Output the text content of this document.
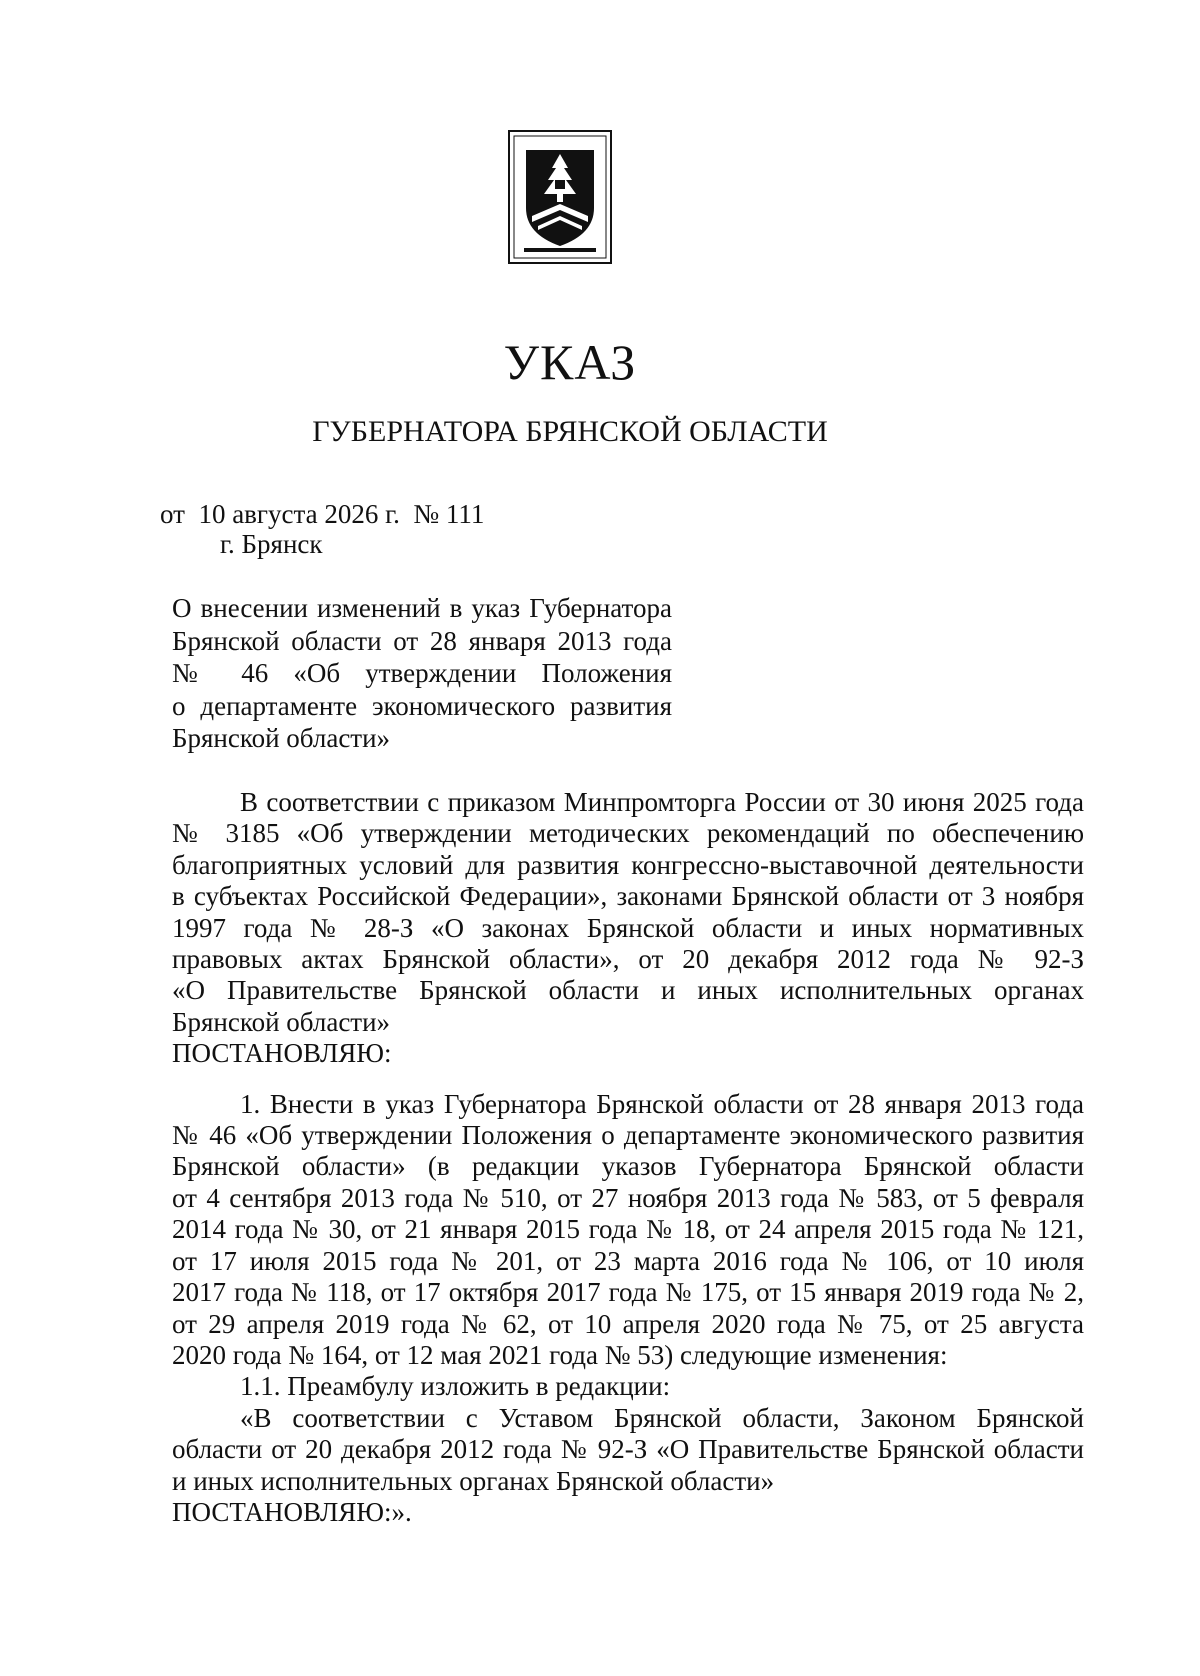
УКАЗ
ГУБЕРНАТОРА БРЯНСКОЙ ОБЛАСТИ
от  10 августа 2026 г.  № 111
г. Брянск
О внесении изменений в указ Губернатора
Брянской области от 28 января 2013 года
№ 46 «Об утверждении Положения
о департаменте экономического развития
Брянской области»
В соответствии с приказом Минпромторга России от 30 июня 2025 года
№ 3185 «Об утверждении методических рекомендаций по обеспечению
благоприятных условий для развития конгрессно-выставочной деятельности
в субъектах Российской Федерации», законами Брянской области от 3 ноября
1997 года № 28-З «О законах Брянской области и иных нормативных
правовых актах Брянской области», от 20 декабря 2012 года № 92-З
«О Правительстве Брянской области и иных исполнительных органах
Брянской области»
ПОСТАНОВЛЯЮ:
1. Внести в указ Губернатора Брянской области от 28 января 2013 года
№ 46 «Об утверждении Положения о департаменте экономического развития
Брянской области» (в редакции указов Губернатора Брянской области
от 4 сентября 2013 года № 510, от 27 ноября 2013 года № 583, от 5 февраля
2014 года № 30, от 21 января 2015 года № 18, от 24 апреля 2015 года № 121,
от 17 июля 2015 года № 201, от 23 марта 2016 года № 106, от 10 июля
2017 года № 118, от 17 октября 2017 года № 175, от 15 января 2019 года № 2,
от 29 апреля 2019 года № 62, от 10 апреля 2020 года № 75, от 25 августа
2020 года № 164, от 12 мая 2021 года № 53) следующие изменения:
1.1. Преамбулу изложить в редакции:
«В соответствии с Уставом Брянской области, Законом Брянской
области от 20 декабря 2012 года № 92-З «О Правительстве Брянской области
и иных исполнительных органах Брянской области»
ПОСТАНОВЛЯЮ:».
